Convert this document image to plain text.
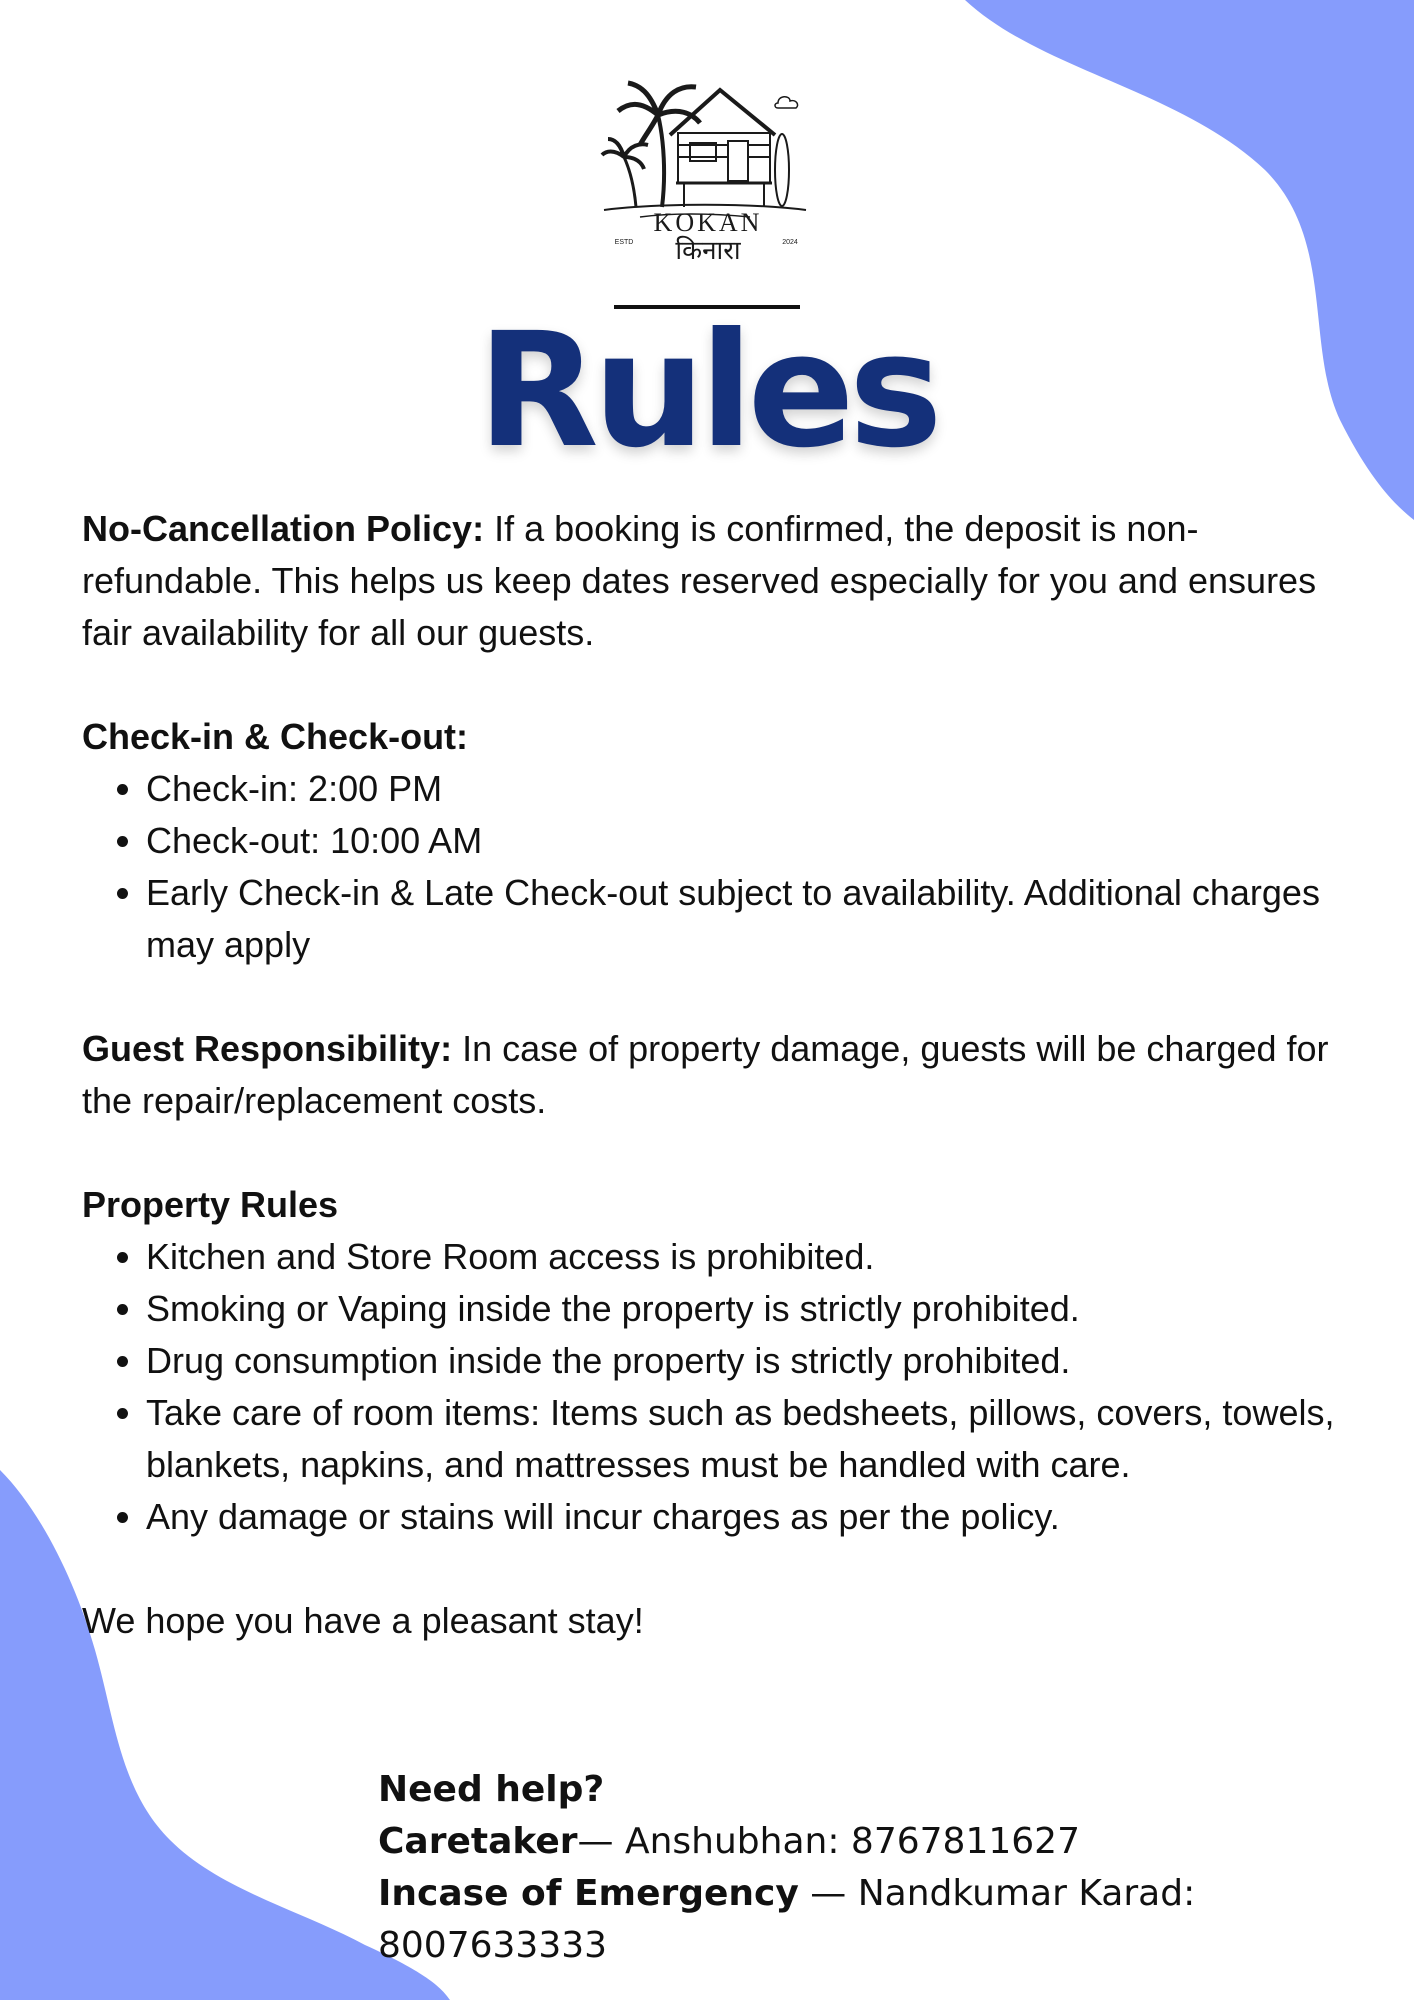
KOKAN
ESTD	2024
किनारा
Rules

No-Cancellation Policy: If a booking is confirmed, the deposit is non-refundable. This helps us keep dates reserved especially for you and ensures fair availability for all our guests.

Check-in & Check-out:

• Check-in: 2:00 PM
• Check-out: 10:00 AM
• Early Check-in & Late Check-out subject to availability. Additional charges may apply

Guest Responsibility: In case of property damage, guests will be charged for the repair/replacement costs.

Property Rules

• Kitchen and Store Room access is prohibited.
• Smoking or Vaping inside the property is strictly prohibited.
• Drug consumption inside the property is strictly prohibited.
• Take care of room items: Items such as bedsheets, pillows, covers, towels, blankets, napkins, and mattresses must be handled with care.
• Any damage or stains will incur charges as per the policy.

We hope you have a pleasant stay!

Need help?
Caretaker— Anshubhan: 8767811627
Incase of Emergency — Nandkumar Karad: 8007633333
